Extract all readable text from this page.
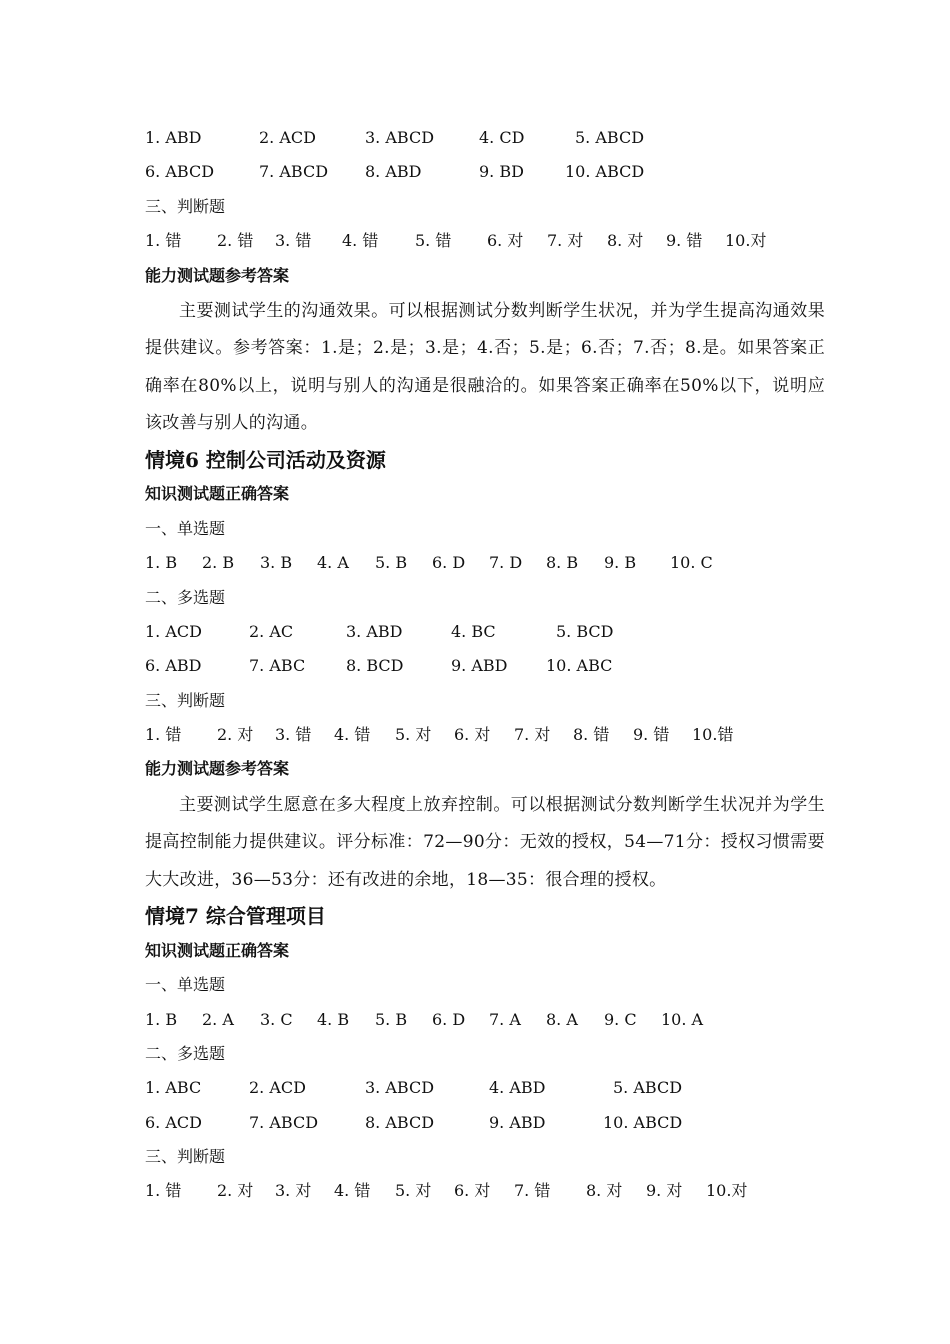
1. ABD	2. ACD	3. ABCD	4. CD	5. ABCD
6. ABCD	7. ABCD 8. ABD	9. BD	10. ABCD
三、判断题
1. 错 2. 错 3. 错 4. 错 5. 错 6. 对 7. 对 8. 对 9. 错 10.对
能力测试题参考答案

主要测试学生的沟通效果。可以根据测试分数判断学生状况，并为学生提高沟通效果提供建议。参考答案：1.是；2.是；3.是；4.否；5.是；6.否；7.否；8.是。如果答案正确率在80%以上，说明与别人的沟通是很融洽的。如果答案正确率在50%以下，说明应该改善与别人的沟通。

情境6 控制公司活动及资源
知识测试题正确答案
一、单选题
1. B 2. B 3. B 4. A 5. B 6. D 7. D 8. B 9. B 10. C
二、多选题
1. ACD	2. AC	3. ABD	4. BC	5. BCD
6. ABD	7. ABC	8. BCD	9. ABD 10. ABC
三、判断题
1. 错 2. 对 3. 错 4. 错 5. 对 6. 对 7. 对 8. 错 9. 错 10.错
能力测试题参考答案

主要测试学生愿意在多大程度上放弃控制。可以根据测试分数判断学生状况并为学生提高控制能力提供建议。评分标准：72—90分：无效的授权，54—71分：授权习惯需要大大改进，36—53分：还有改进的余地，18—35：很合理的授权。

情境7 综合管理项目
知识测试题正确答案
一、单选题
1. B 2. A 3. C 4. B 5. B 6. D 7. A 8. A 9. C 10. A
二、多选题
1. ABC	2. ACD	3. ABCD	4. ABD	5. ABCD
6. ACD	7. ABCD	8. ABCD	9. ABD	10. ABCD
三、判断题
1. 错 2. 对 3. 对 4. 错 5. 对 6. 对 7. 错 8. 对 9. 对 10.对
